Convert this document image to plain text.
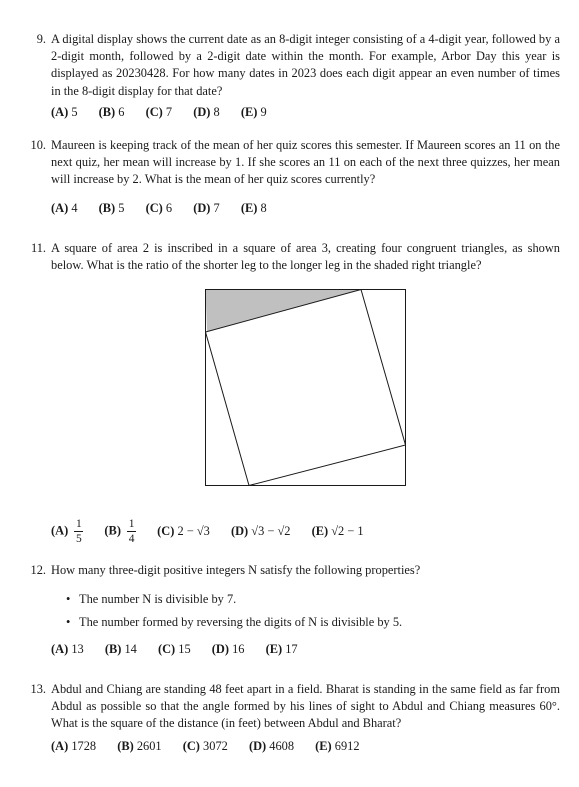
9. A digital display shows the current date as an 8-digit integer consisting of a 4-digit year, followed by a 2-digit month, followed by a 2-digit date within the month. For example, Arbor Day this year is displayed as 20230428. For how many dates in 2023 does each digit appear an even number of times in the 8-digit display for that date?
(A) 5 (B) 6 (C) 7 (D) 8 (E) 9
10. Maureen is keeping track of the mean of her quiz scores this semester. If Maureen scores an 11 on the next quiz, her mean will increase by 1. If she scores an 11 on each of the next three quizzes, her mean will increase by 2. What is the mean of her quiz scores currently?
(A) 4 (B) 5 (C) 6 (D) 7 (E) 8
11. A square of area 2 is inscribed in a square of area 3, creating four congruent triangles, as shown below. What is the ratio of the shorter leg to the longer leg in the shaded right triangle?
$(A) \frac{1}{5} (B) \frac{1}{4} (C) 2 - √3$ (D) √3 − √2 (E) √2 − 1
12. How many three-digit positive integers N satisfy the following properties?
• The number N is divisible by 7.
• The number formed by reversing the digits of N is divisible by 5.
(A) 13 (B) 14 (C) 15 (D) 16 (E) 17
13. Abdul and Chiang are standing 48 feet apart in a field. Bharat is standing in the same field as far from Abdul as possible so that the angle formed by his lines of sight to Abdul and Chiang measures 60°. What is the square of the distance (in feet) between Abdul and Bharat?
(A) 1728 (B) 2601 (C) 3072 (D) 4608 (E) 6912
